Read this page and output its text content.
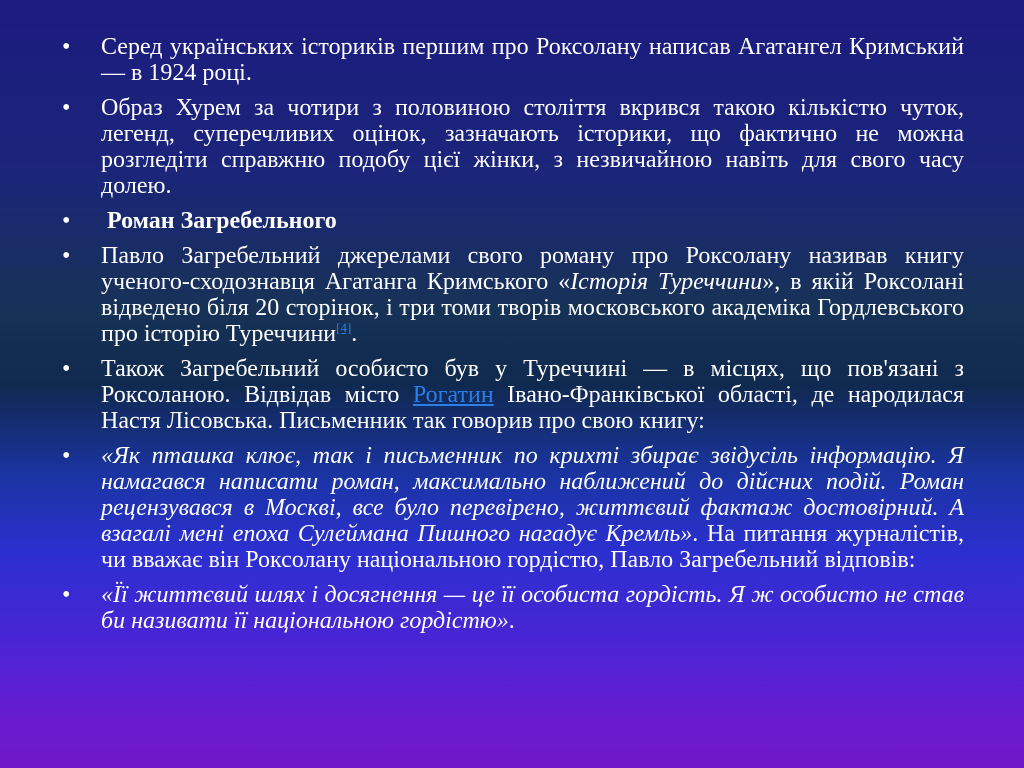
•	Серед українських істориків першим про Роксолану написав Агатангел Кримський — в 1924 році.
•	Образ Хурем за чотири з половиною століття вкрився такою кількістю чуток, легенд, суперечливих оцінок, зазначають історики, що фактично не можна розгледіти справжню подобу цієї жінки, з незвичайною навіть для свого часу долею.
•	Роман Загребельного
•	Павло Загребельний джерелами свого роману про Роксолану називав книгу ученого-сходознавця Агатанга Кримського «Історія Туреччини», в якій Роксолані відведено біля 20 сторінок, і три томи творів московського академіка Гордлевського про історію Туреччини[4].
•	Також Загребельний особисто був у Туреччині — в місцях, що пов'язані з Роксоланою. Відвідав місто Рогатин Івано-Франківської області, де народилася Настя Лісовська. Письменник так говорив про свою книгу:
•	«Як пташка клює, так і письменник по крихті збирає звідусіль інформацію. Я намагався написати роман, максимально наближений до дійсних подій. Роман рецензувався в Москві, все було перевірено, життєвий фактаж достовірний. А взагалі мені епоха Сулеймана Пишного нагадує Кремль». На питання журналістів, чи вважає він Роксолану національною гордістю, Павло Загребельний відповів:
•	«Її життєвий шлях і досягнення — це її особиста гордість. Я ж особисто не став би називати її національною гордістю».
